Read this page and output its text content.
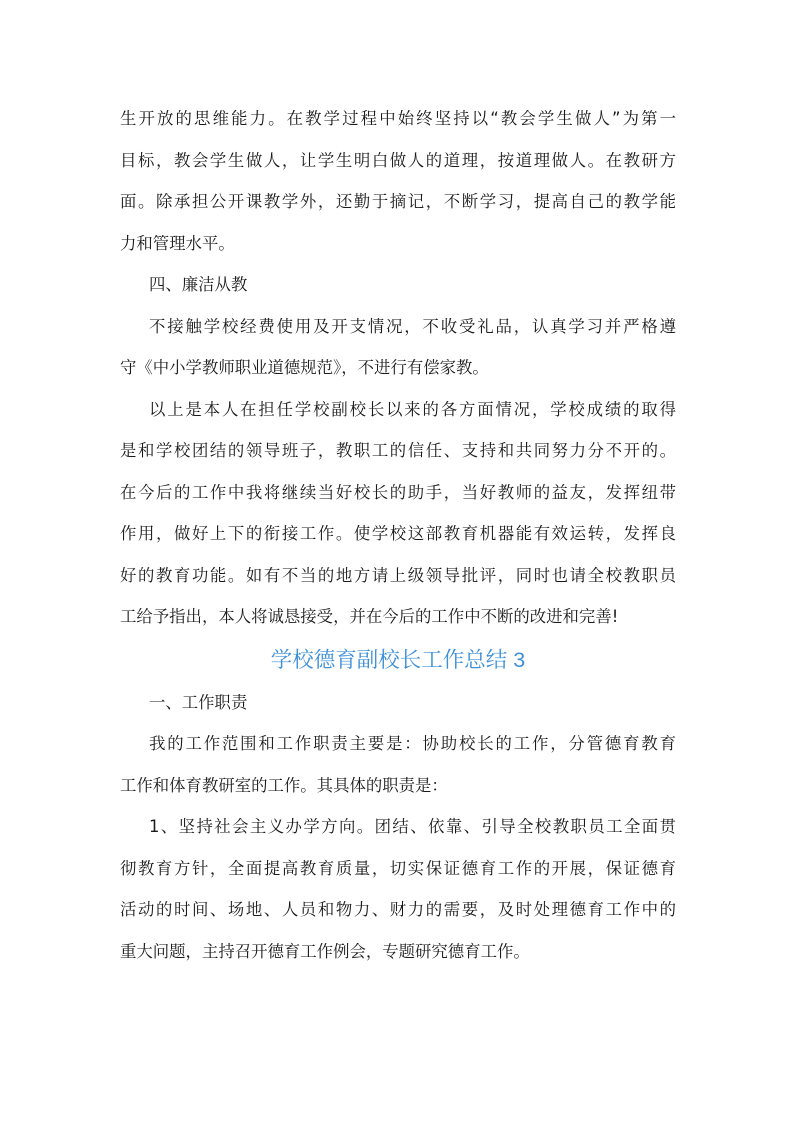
生开放的思维能力。在教学过程中始终坚持以“教会学生做人”为第一
目标，教会学生做人，让学生明白做人的道理，按道理做人。在教研方
面。除承担公开课教学外，还勤于摘记，不断学习，提高自己的教学能
力和管理水平。
四、廉洁从教
不接触学校经费使用及开支情况，不收受礼品，认真学习并严格遵
守《中小学教师职业道德规范》，不进行有偿家教。
以上是本人在担任学校副校长以来的各方面情况，学校成绩的取得
是和学校团结的领导班子，教职工的信任、支持和共同努力分不开的。
在今后的工作中我将继续当好校长的助手，当好教师的益友，发挥纽带
作用，做好上下的衔接工作。使学校这部教育机器能有效运转，发挥良
好的教育功能。如有不当的地方请上级领导批评，同时也请全校教职员
工给予指出，本人将诚恳接受，并在今后的工作中不断的改进和完善!
学校德育副校长工作总结 3
一、工作职责
我的工作范围和工作职责主要是：协助校长的工作，分管德育教育
工作和体育教研室的工作。其具体的职责是：
1、坚持社会主义办学方向。团结、依靠、引导全校教职员工全面贯
彻教育方针，全面提高教育质量，切实保证德育工作的开展，保证德育
活动的时间、场地、人员和物力、财力的需要，及时处理德育工作中的
重大问题，主持召开德育工作例会，专题研究德育工作。
